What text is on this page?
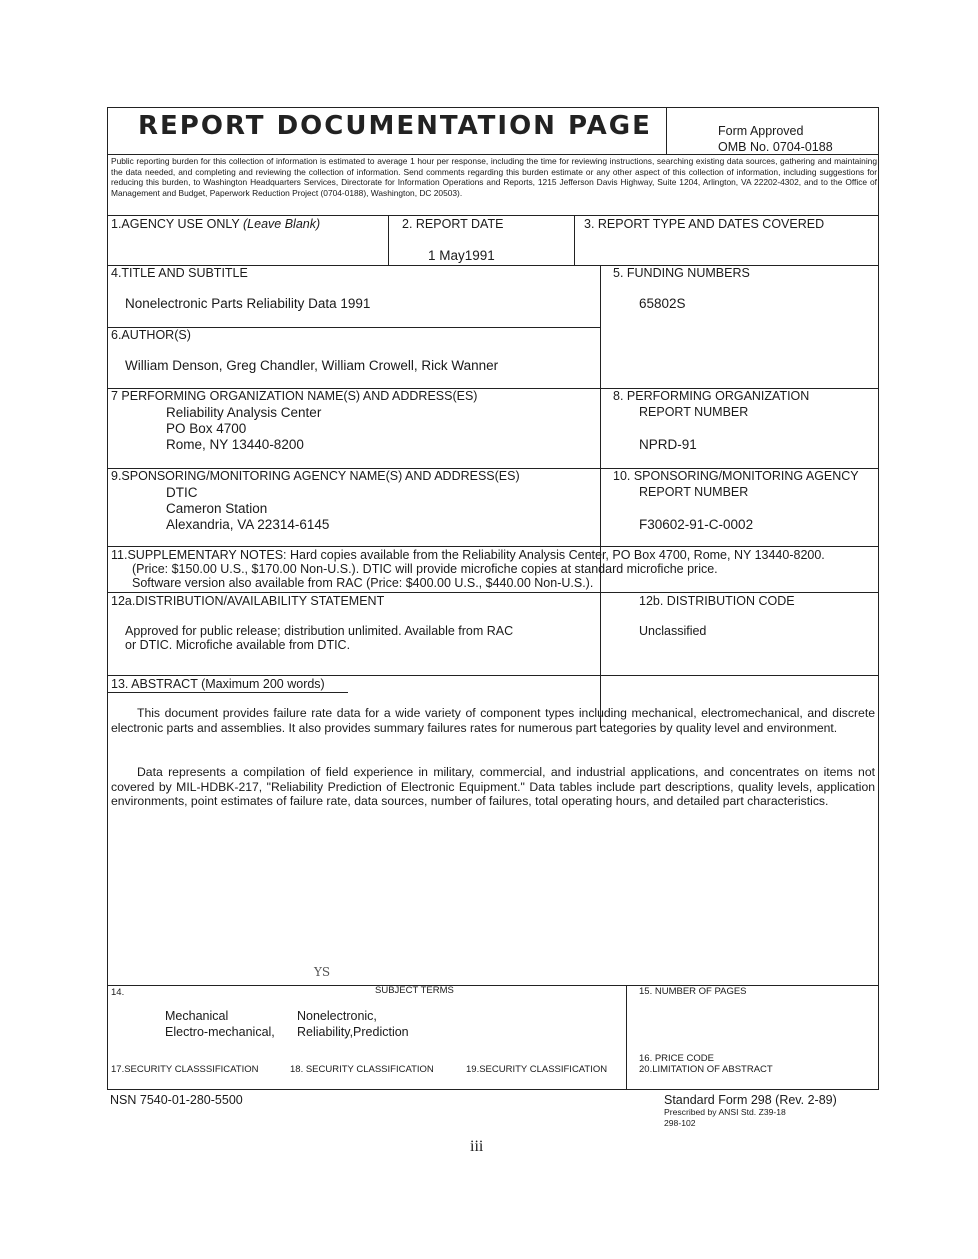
REPORT DOCUMENTATION PAGE	Form Approved
OMB No. 0704-0188
Public reporting burden for this collection of information is estimated to average 1 hour per response, including the time for reviewing instructions, searching existing data sources, gathering and maintaining the data needed, and completing and reviewing the collection of information. Send comments regarding this burden estimate or any other aspect of this collection of information, including suggestions for reducing this burden, to Washington Headquarters Services, Directorate for Information Operations and Reports, 1215 Jefferson Davis Highway, Suite 1204, Arlington, VA 22202-4302, and to the Office of Management and Budget, Paperwork Reduction Project (0704-0188), Washington, DC 20503).
1.AGENCY USE ONLY (Leave Blank)	2. REPORT DATE
1 May1991
3. REPORT TYPE AND DATES COVERED
4.TITLE AND SUBTITLE
Nonelectronic Parts Reliability Data 1991
5. FUNDING NUMBERS
65802S
6.AUTHOR(S)
William Denson, Greg Chandler, William Crowell, Rick Wanner
7 PERFORMING ORGANIZATION NAME(S) AND ADDRESS(ES)
Reliability Analysis Center
PO Box 4700
Rome, NY 13440-8200
8. PERFORMING ORGANIZATION
REPORT NUMBER
NPRD-91
9.SPONSORING/MONITORING AGENCY NAME(S) AND ADDRESS(ES)
DTIC
Cameron Station
Alexandria, VA 22314-6145
10. SPONSORING/MONITORING AGENCY
REPORT NUMBER
F30602-91-C-0002
11.SUPPLEMENTARY NOTES: Hard copies available from the Reliability Analysis Center, PO Box 4700, Rome, NY 13440-8200.
(Price: $150.00 U.S., $170.00 Non-U.S.). DTIC will provide microfiche copies at standard microfiche price.
Software version also available from RAC (Price: $400.00 U.S., $440.00 Non-U.S.).
12a.DISTRIBUTION/AVAILABILITY STATEMENT
Approved for public release; distribution unlimited. Available from RAC
or DTIC. Microfiche available from DTIC.
12b. DISTRIBUTION CODE
Unclassified
13. ABSTRACT (Maximum 200 words)
This document provides failure rate data for a wide variety of component types including mechanical, electromechanical, and discrete electronic parts and assemblies. It also provides summary failures rates for numerous part categories by quality level and environment.
Data represents a compilation of field experience in military, commercial, and industrial applications, and concentrates on items not covered by MIL-HDBK-217, "Reliability Prediction of Electronic Equipment." Data tables include part descriptions, quality levels, application environments, point estimates of failure rate, data sources, number of failures, total operating hours, and detailed part characteristics.
YS
14.	SUBJECT TERMS
Mechanical	Nonelectronic,
Electro-mechanical, Reliability,Prediction
15. NUMBER OF PAGES
17.SECURITY CLASSSIFICATION	18. SECURITY CLASSIFICATION	19.SECURITY CLASSIFICATION
16. PRICE CODE
20.LIMITATION OF ABSTRACT
NSN 7540-01-280-5500	Standard Form 298 (Rev. 2-89)
Prescribed by ANSI Std. Z39-18
298-102
iii
